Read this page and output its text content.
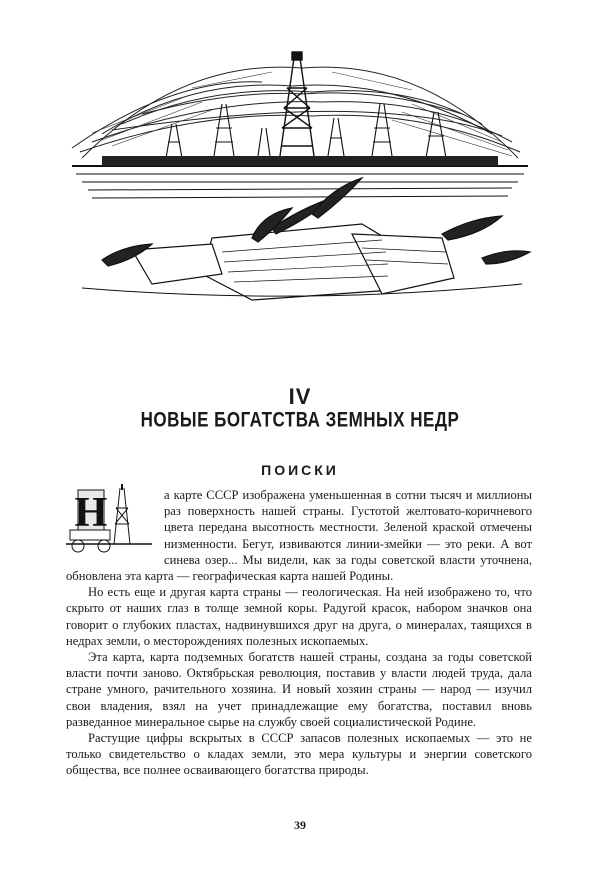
IV
НОВЫЕ БОГАТСТВА ЗЕМНЫХ НЕДР
ПОИСКИ
Н	а карте СССР изображена уменьшенная в сотни тысяч и миллионы раз поверхность нашей страны. Густотой желтовато-коричневого цвета передана высотность местности. Зеленой краской отмечены низменности. Бегут, извиваются линии-змейки — это реки. А вот синева озер... Мы видели, как за годы советской власти уточнена, обновлена эта карта — географическая карта нашей Родины.

Но есть еще и другая карта страны — геологическая. На ней изображено то, что скрыто от наших глаз в толще земной коры. Радугой красок, набором значков она говорит о глубоких пластах, надвинувшихся друг на друга, о минералах, таящихся в недрах земли, о месторождениях полезных ископаемых.

Эта карта, карта подземных богатств нашей страны, создана за годы советской власти почти заново. Октябрьская революция, поставив у власти людей труда, дала стране умного, рачительного хозяина. И новый хозяин страны — народ — изучил свои владения, взял на учет принадлежащие ему богатства, поставил вновь разведанное минеральное сырье на службу своей социалистической Родине.

Растущие цифры вскрытых в СССР запасов полезных ископаемых — это не только свидетельство о кладах земли, это мера культуры и энергии советского общества, все полнее осваивающего богатства природы.

39
